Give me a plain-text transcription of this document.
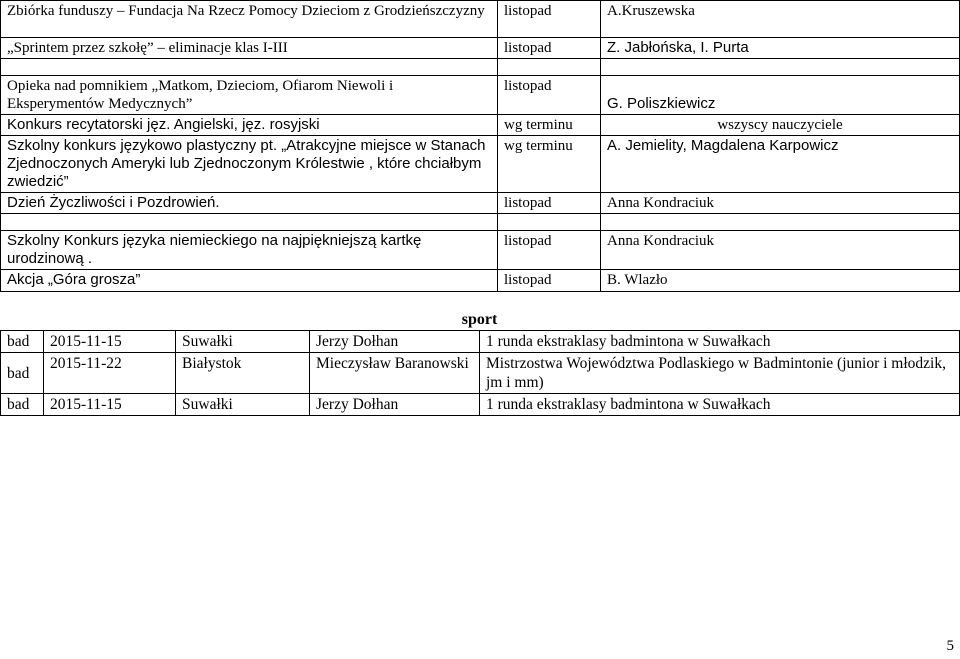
Zbiórka funduszy – Fundacja Na Rzecz Pomocy Dzieciom z Grodzieńszczyzny	listopad	A.Kruszewska
„Sprintem przez szkołę” – eliminacje klas I-III	listopad	Z. Jabłońska, I. Purta

Opieka nad pomnikiem „Matkom, Dzieciom, Ofiarom Niewoli i Eksperymentów Medycznych”	listopad	G. Poliszkiewicz
Konkurs recytatorski jęz. Angielski, jęz. rosyjski	wg terminu	wszyscy nauczyciele
Szkolny konkurs językowo plastyczny pt. „Atrakcyjne miejsce w Stanach Zjednoczonych Ameryki lub Zjednoczonym Królestwie , które chciałbym zwiedzić”	wg terminu	A. Jemielity, Magdalena Karpowicz
Dzień Życzliwości i Pozdrowień.	listopad	Anna Kondraciuk

Szkolny Konkurs języka niemieckiego na najpiękniejszą kartkę urodzinową .	listopad	Anna Kondraciuk
Akcja „Góra grosza”	listopad	B. Wlazło
sport
bad	2015-11-15	Suwałki	Jerzy Dołhan	1 runda ekstraklasy badmintona w Suwałkach
bad	2015-11-22	Białystok	Mieczysław Baranowski	Mistrzostwa Województwa Podlaskiego w Badmintonie (junior i młodzik, jm i mm)
bad	2015-11-15	Suwałki	Jerzy Dołhan	1 runda ekstraklasy badmintona w Suwałkach
5
